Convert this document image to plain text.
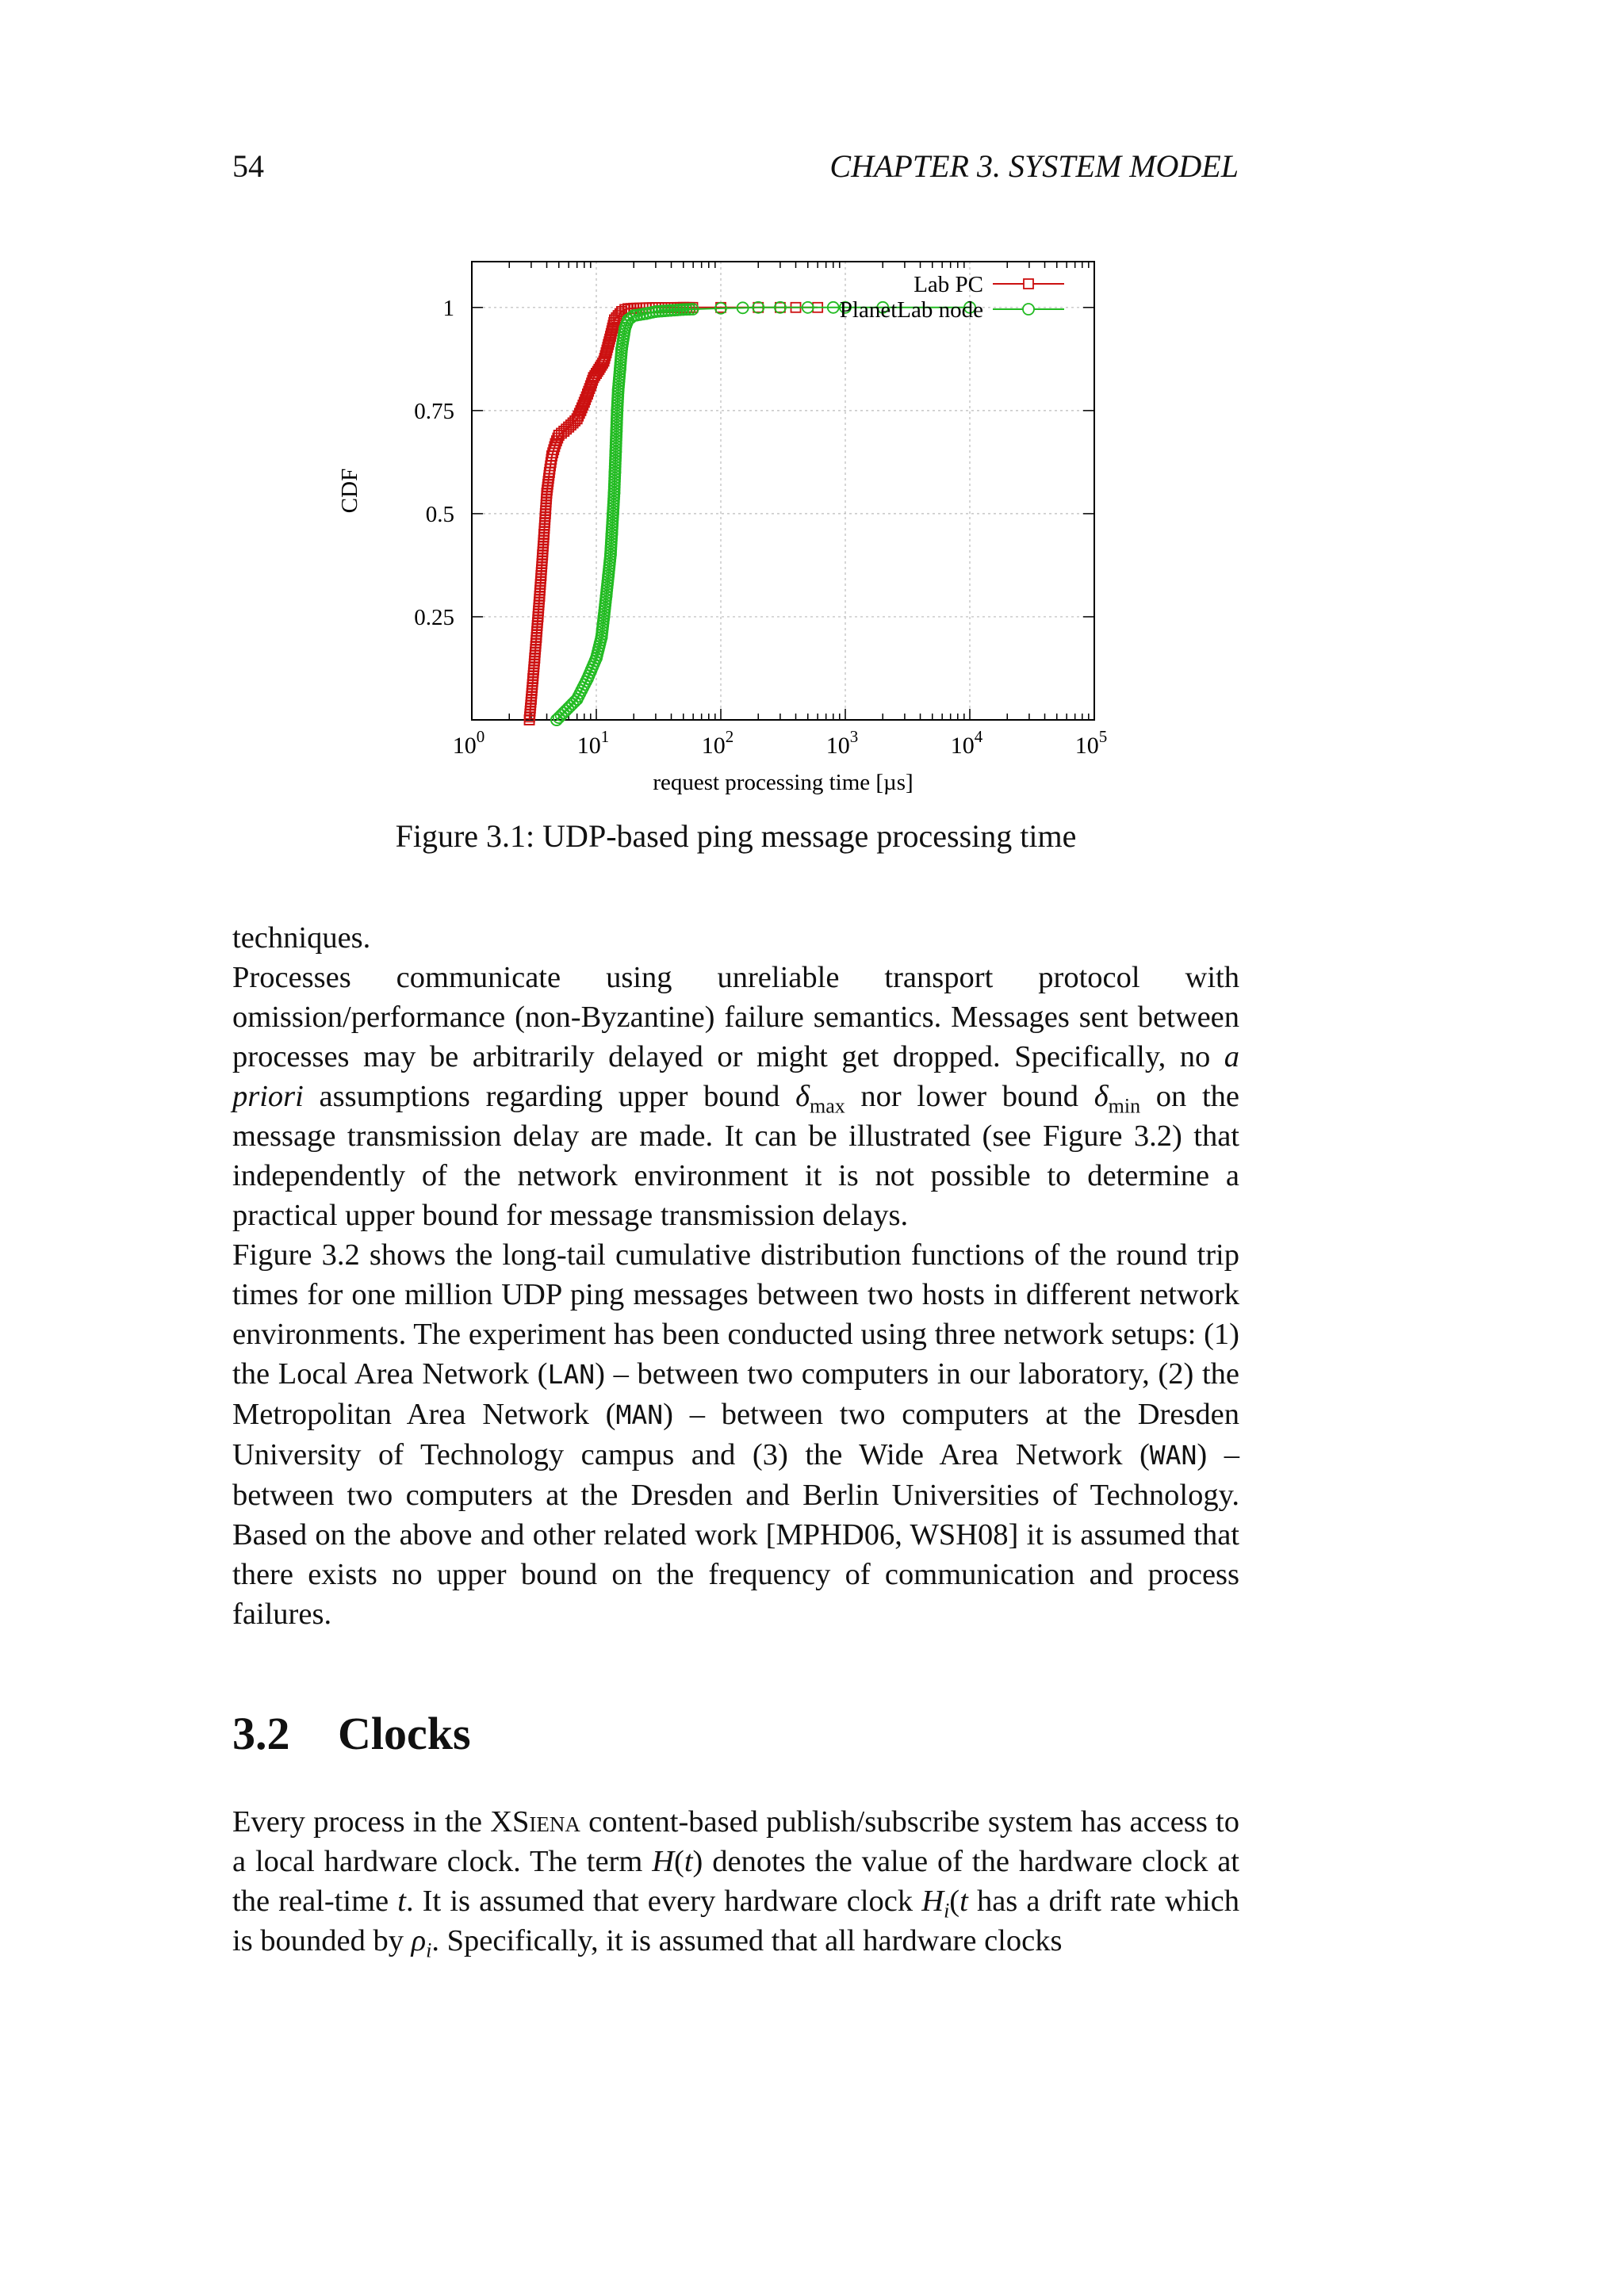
54	CHAPTER 3. SYSTEM MODEL
$10^0$	$10^1$	$10^2$	$10^3$	$10^4$	$10^5$
0.25
0.5
0.75
1
request processing time [µs]
CDF
Lab PC
PlanetLab node
Figure 3.1: UDP-based ping message processing time

techniques.

Processes communicate using unreliable transport protocol with omission/performance (non-Byzantine) failure semantics. Messages sent between processes may be arbitrarily delayed or might get dropped. Specifically, no a priori assumptions regarding upper bound $\delta_{max}$ nor lower bound $\delta_{min}$ on the message transmission delay are made. It can be illustrated (see Figure 3.2) that independently of the network environment it is not possible to determine a practical upper bound for message transmission delays.

Figure 3.2 shows the long-tail cumulative distribution functions of the round trip times for one million UDP ping messages between two hosts in different network environments. The experiment has been conducted using three network setups: (1) the Local Area Network (LAN) – between two computers in our laboratory, (2) the Metropolitan Area Network (MAN) – between two computers at the Dresden University of Technology campus and (3) the Wide Area Network (WAN) – between two computers at the Dresden and Berlin Universities of Technology. Based on the above and other related work [MPHD06, WSH08] it is assumed that there exists no upper bound on the frequency of communication and process failures.

3.2 Clocks

Every process in the XSiena content-based publish/subscribe system has access to a local hardware clock. The term H(t) denotes the value of the hardware clock at the real-time t. It is assumed that every hardware clock $H_i(t$ has a drift rate which is bounded by $\rho_i$. Specifically, it is assumed that all hardware clocks
